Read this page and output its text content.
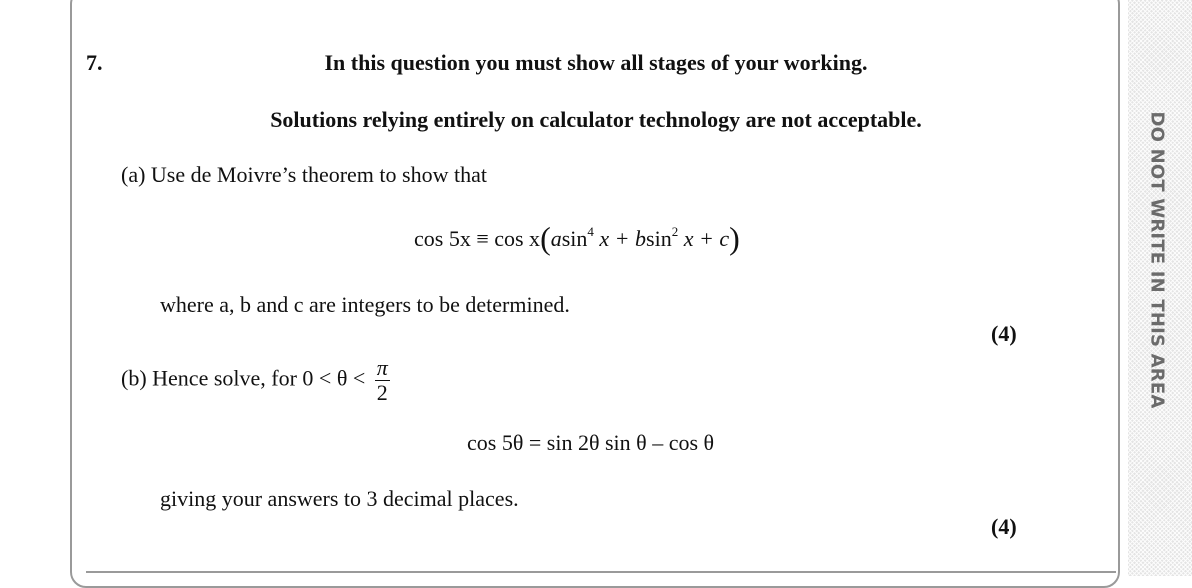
DO NOT WRITE IN THIS AREA
7.	In this question you must show all stages of your working.
Solutions relying entirely on calculator technology are not acceptable.
(a) Use de Moivre’s theorem to show that
cos 5x ≡ cos x(asin$^4$ x + bsin$^2$ x + c)
where a, b and c are integers to be determined.
(4)
(b) Hence solve, for $0 < \theta < \frac{\pi}{2}$
cos 5θ = sin 2θ sin θ – cos θ
giving your answers to 3 decimal places.
(4)
